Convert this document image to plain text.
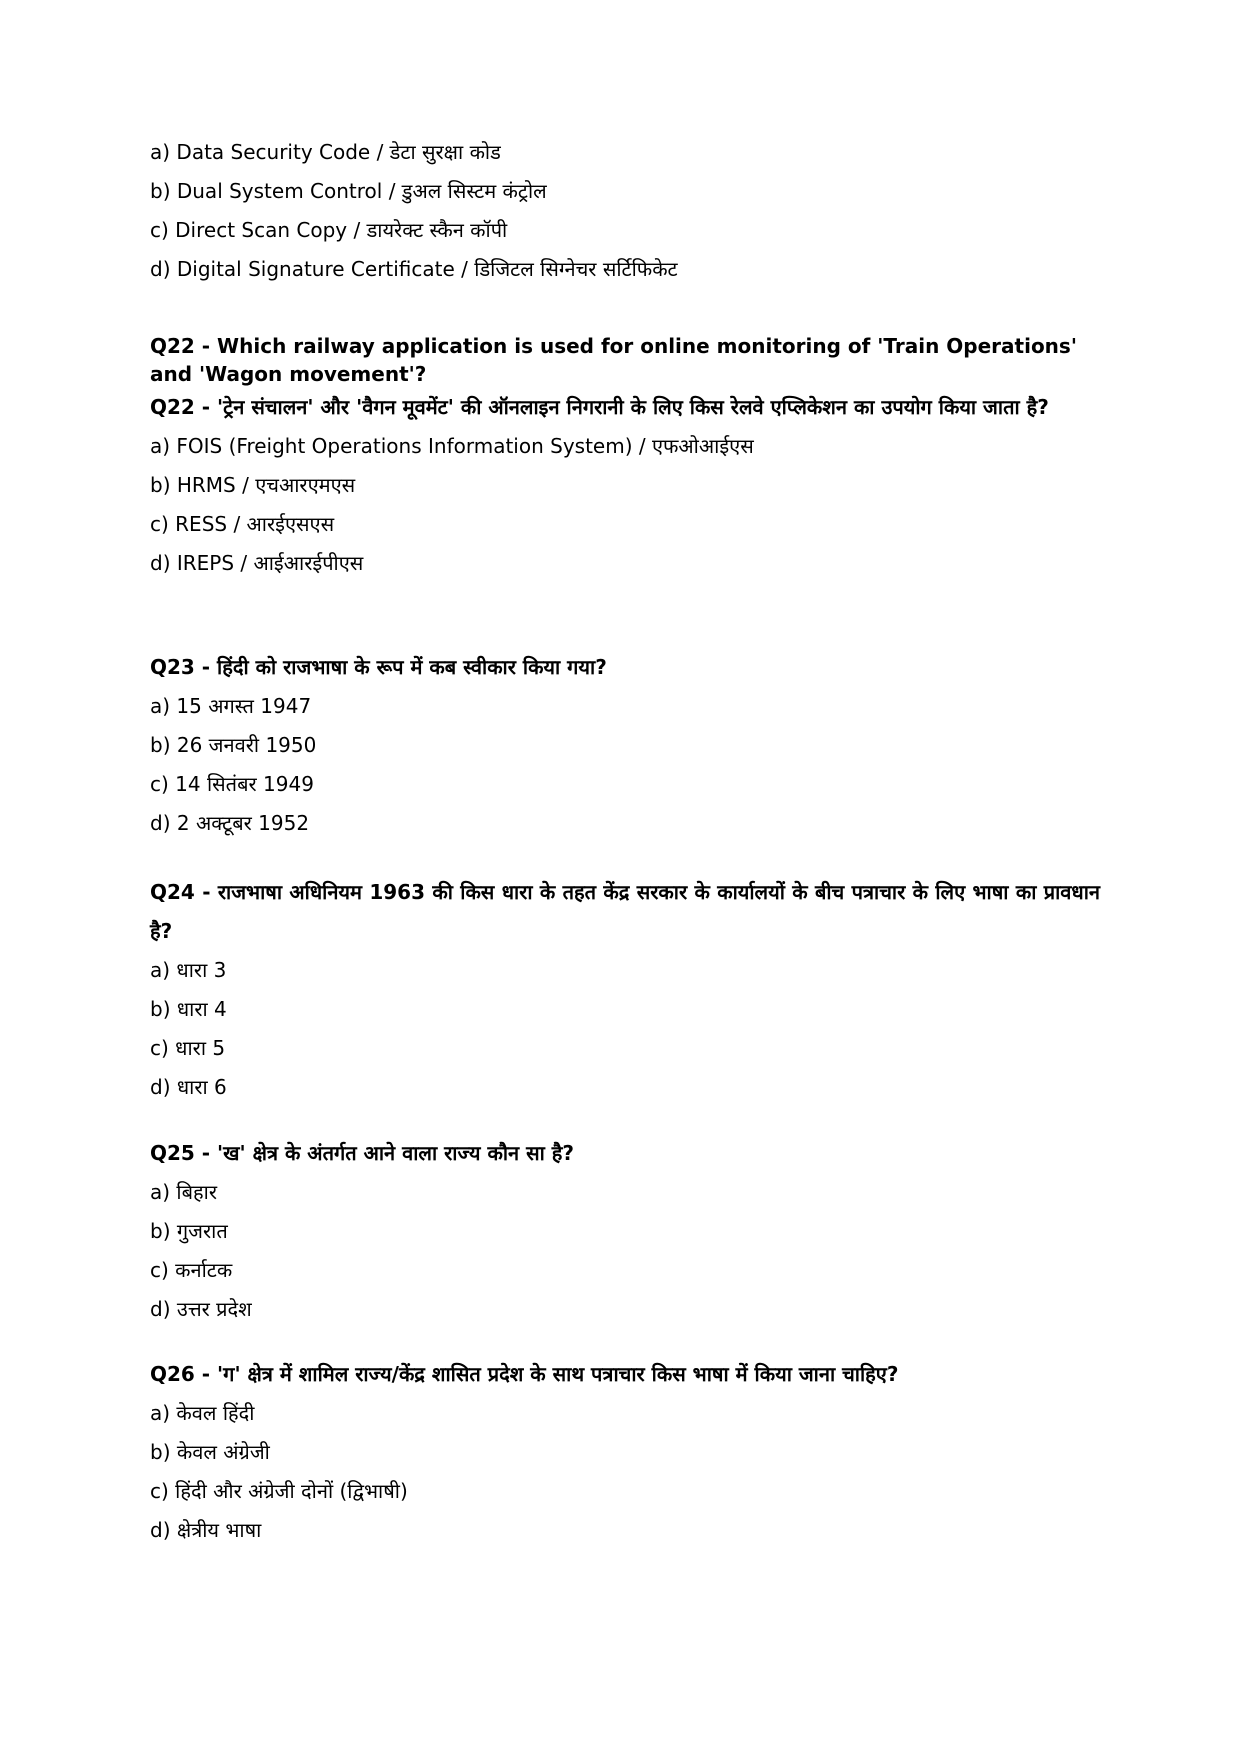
a) Data Security Code / डेटा सुरक्षा कोड
b) Dual System Control / डुअल सिस्टम कंट्रोल
c) Direct Scan Copy / डायरेक्ट स्कैन कॉपी
d) Digital Signature Certificate / डिजिटल सिग्नेचर सर्टिफिकेट
Q22 - Which railway application is used for online monitoring of 'Train Operations' and 'Wagon movement'?
Q22 - 'ट्रेन संचालन' और 'वैगन मूवमेंट' की ऑनलाइन निगरानी के लिए किस रेलवे एप्लिकेशन का उपयोग किया जाता है?
a) FOIS (Freight Operations Information System) / एफओआईएस
b) HRMS / एचआरएमएस
c) RESS / आरईएसएस
d) IREPS / आईआरईपीएस
Q23 - हिंदी को राजभाषा के रूप में कब स्वीकार किया गया?
a) 15 अगस्त 1947
b) 26 जनवरी 1950
c) 14 सितंबर 1949
d) 2 अक्टूबर 1952
Q24 - राजभाषा अधिनियम 1963 की किस धारा के तहत केंद्र सरकार के कार्यालयों के बीच पत्राचार के लिए भाषा का प्रावधान है?
a) धारा 3
b) धारा 4
c) धारा 5
d) धारा 6
Q25 - 'ख' क्षेत्र के अंतर्गत आने वाला राज्य कौन सा है?
a) बिहार
b) गुजरात
c) कर्नाटक
d) उत्तर प्रदेश
Q26 - 'ग' क्षेत्र में शामिल राज्य/केंद्र शासित प्रदेश के साथ पत्राचार किस भाषा में किया जाना चाहिए?
a) केवल हिंदी
b) केवल अंग्रेजी
c) हिंदी और अंग्रेजी दोनों (द्विभाषी)
d) क्षेत्रीय भाषा
